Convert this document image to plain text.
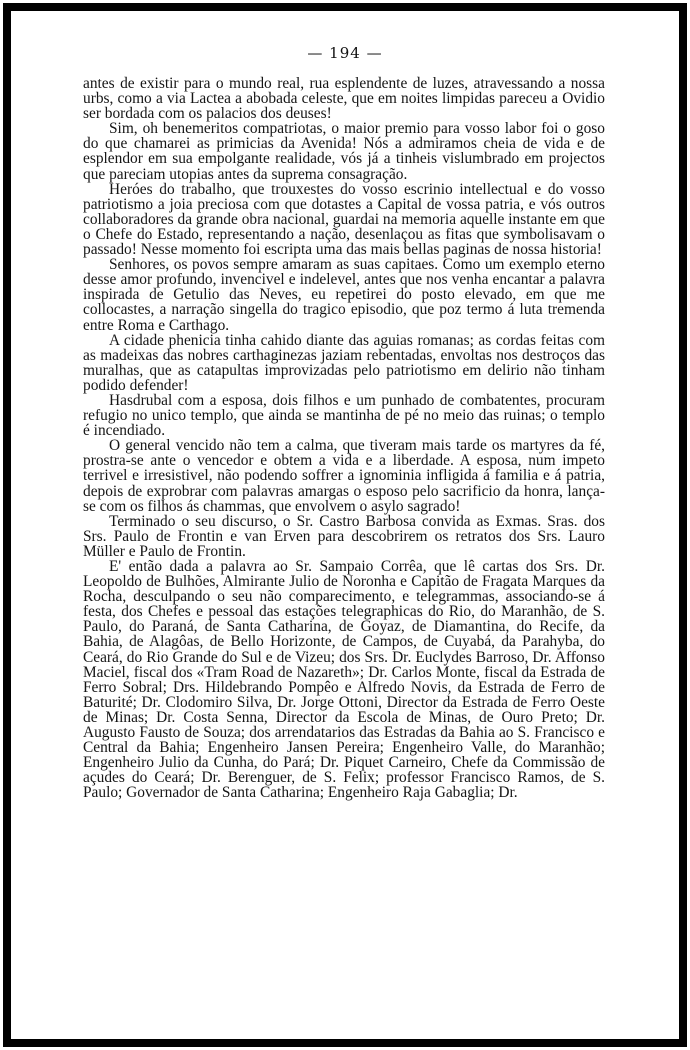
— 194 —

antes de existir para o mundo real, rua esplendente de luzes, atravessando a nossa urbs, como a via Lactea a abobada celeste, que em noites limpidas pareceu a Ovidio ser bordada com os palacios dos deuses!

Sim, oh benemeritos compatriotas, o maior premio para vosso labor foi o goso do que chamarei as primicias da Avenida! Nós a admiramos cheia de vida e de esplendor em sua empolgante realidade, vós já a tinheis vislumbrado em projectos que pareciam utopias antes da suprema consagração.

Heróes do trabalho, que trouxestes do vosso escrinio intellectual e do vosso patriotismo a joia preciosa com que dotastes a Capital de vossa patria, e vós outros collaboradores da grande obra nacional, guardai na memoria aquelle instante em que o Chefe do Estado, representando a nação, desenlaçou as fitas que symbolisavam o passado! Nesse momento foi escripta uma das mais bellas paginas de nossa historia!

Senhores, os povos sempre amaram as suas capitaes. Como um exemplo eterno desse amor profundo, invencivel e indelevel, antes que nos venha encantar a palavra inspirada de Getulio das Neves, eu repetirei do posto elevado, em que me collocastes, a narração singella do tragico episodio, que poz termo á luta tremenda entre Roma e Carthago.

A cidade phenicia tinha cahido diante das aguias romanas; as cordas feitas com as madeixas das nobres carthaginezas jaziam rebentadas, envoltas nos destroços das muralhas, que as catapultas improvizadas pelo patriotismo em delirio não tinham podido defender!

Hasdrubal com a esposa, dois filhos e um punhado de combatentes, procuram refugio no unico templo, que ainda se mantinha de pé no meio das ruinas; o templo é incendiado.

O general vencido não tem a calma, que tiveram mais tarde os martyres da fé, prostra-se ante o vencedor e obtem a vida e a liberdade. A esposa, num impeto terrivel e irresistivel, não podendo soffrer a ignominia infligida á familia e á patria, depois de exprobrar com palavras amargas o esposo pelo sacrificio da honra, lança-se com os filhos ás chammas, que envolvem o asylo sagrado!

Terminado o seu discurso, o Sr. Castro Barbosa convida as Exmas. Sras. dos Srs. Paulo de Frontin e van Erven para descobrirem os retratos dos Srs. Lauro Müller e Paulo de Frontin.

E' então dada a palavra ao Sr. Sampaio Corrêa, que lê cartas dos Srs. Dr. Leopoldo de Bulhões, Almirante Julio de Noronha e Capitão de Fragata Marques da Rocha, desculpando o seu não comparecimento, e telegrammas, associando-se á festa, dos Chefes e pessoal das estações telegraphicas do Rio, do Maranhão, de S. Paulo, do Paraná, de Santa Catharina, de Goyaz, de Diamantina, do Recife, da Bahia, de Alagôas, de Bello Horizonte, de Campos, de Cuyabá, da Parahyba, do Ceará, do Rio Grande do Sul e de Vizeu; dos Srs. Dr. Euclydes Barroso, Dr. Affonso Maciel, fiscal dos «Tram Road de Nazareth»; Dr. Carlos Monte, fiscal da Estrada de Ferro Sobral; Drs. Hildebrando Pompêo e Alfredo Novis, da Estrada de Ferro de Baturité; Dr. Clodomiro Silva, Dr. Jorge Ottoni, Director da Estrada de Ferro Oeste de Minas; Dr. Costa Senna, Director da Escola de Minas, de Ouro Preto; Dr. Augusto Fausto de Souza; dos arrendatarios das Estradas da Bahia ao S. Francisco e Central da Bahia; Engenheiro Jansen Pereira; Engenheiro Valle, do Maranhão; Engenheiro Julio da Cunha, do Pará; Dr. Piquet Carneiro, Chefe da Commissão de açudes do Ceará; Dr. Berenguer, de S. Felix; professor Francisco Ramos, de S. Paulo; Governador de Santa Catharina; Engenheiro Raja Gabaglia; Dr.
